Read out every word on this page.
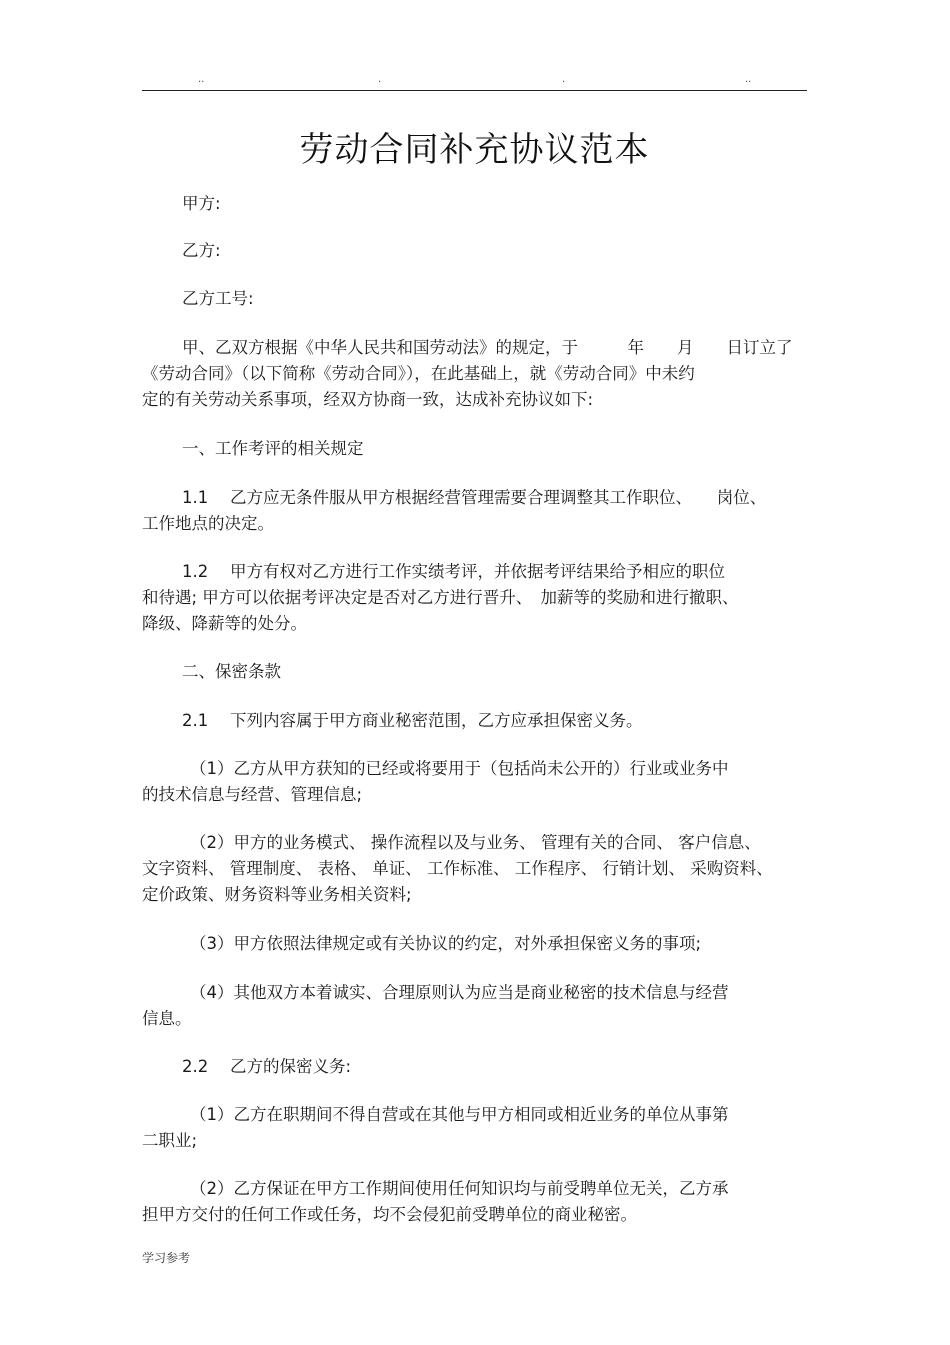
..	.	.	..
劳动合同补充协议范本
甲方:
乙方:
乙方工号:
甲、乙双方根据《中华人民共和国劳动法》的规定，于　　　年　　月　　日订立了
《劳动合同》（以下简称《劳动合同》），在此基础上，就《劳动合同》中未约
定的有关劳动关系事项，经双方协商一致，达成补充协议如下:
一、工作考评的相关规定
1.1 乙方应无条件服从甲方根据经营管理需要合理调整其工作职位、　　岗位、
工作地点的决定。
1.2 甲方有权对乙方进行工作实绩考评，并依据考评结果给予相应的职位
和待遇; 甲方可以依据考评决定是否对乙方进行晋升、　加薪等的奖励和进行撤职、
降级、降薪等的处分。
二、保密条款
2.1 下列内容属于甲方商业秘密范围，乙方应承担保密义务。
（1）乙方从甲方获知的已经或将要用于（包括尚未公开的）行业或业务中
的技术信息与经营、管理信息;
（2）甲方的业务模式、 操作流程以及与业务、 管理有关的合同、 客户信息、
文字资料、 管理制度、 表格、 单证、 工作标准、 工作程序、 行销计划、 采购资料、
定价政策、财务资料等业务相关资料;
（3）甲方依照法律规定或有关协议的约定，对外承担保密义务的事项;
（4）其他双方本着诚实、合理原则认为应当是商业秘密的技术信息与经营
信息。
2.2 乙方的保密义务:
（1）乙方在职期间不得自营或在其他与甲方相同或相近业务的单位从事第
二职业;
（2）乙方保证在甲方工作期间使用任何知识均与前受聘单位无关，乙方承
担甲方交付的任何工作或任务，均不会侵犯前受聘单位的商业秘密。
学习参考
